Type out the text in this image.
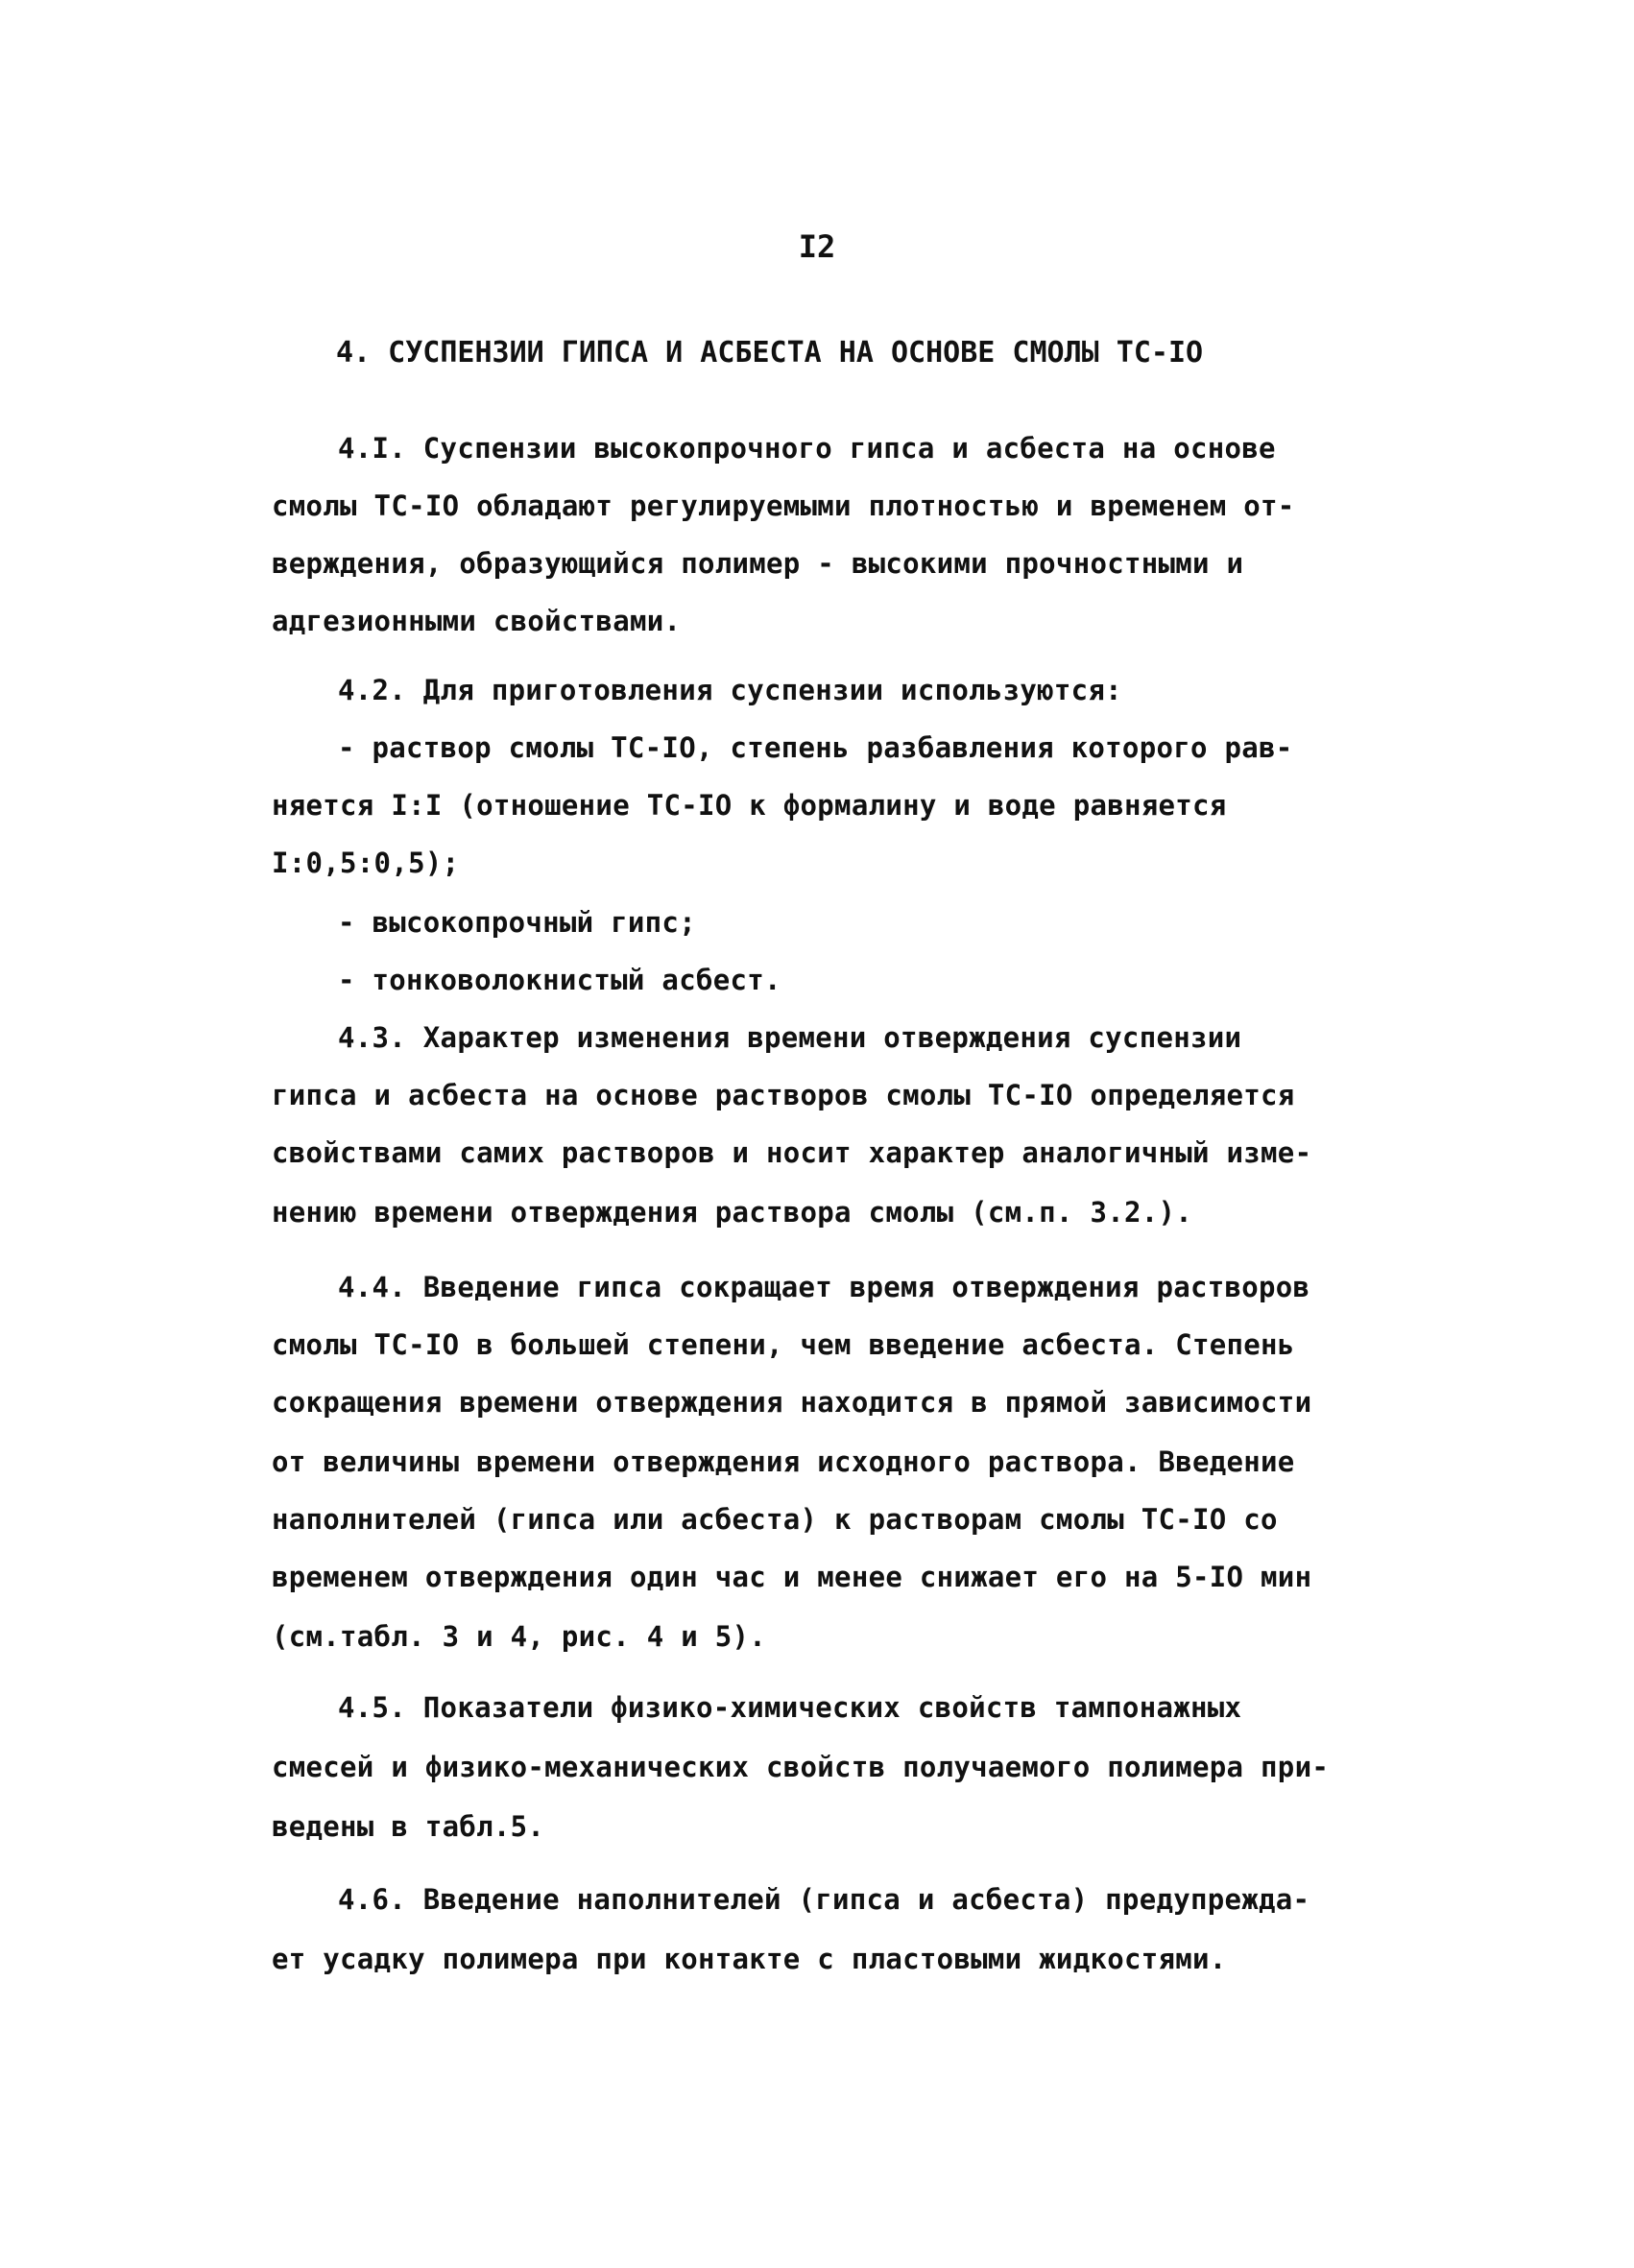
I2
4. СУСПЕНЗИИ ГИПСА И АСБЕСТА НА ОСНОВЕ СМОЛЫ ТС-IO
4.I. Суспензии высокопрочного гипса и асбеста на основе
смолы ТС-IO обладают регулируемыми плотностью и временем от-
верждения, образующийся полимер - высокими прочностными и
адгезионными свойствами.
4.2. Для приготовления суспензии используются:
- раствор смолы ТС-IO, степень разбавления которого рав-
няется I:I (отношение ТС-IO к формалину и воде равняется
I:0,5:0,5);
- высокопрочный гипс;
- тонковолокнистый асбест.
4.3. Характер изменения времени отверждения суспензии
гипса и асбеста на основе растворов смолы ТС-IO определяется
свойствами самих растворов и носит характер аналогичный изме-
нению времени отверждения раствора смолы (см.п. 3.2.).
4.4. Введение гипса сокращает время отверждения растворов
смолы ТС-IO в большей степени, чем введение асбеста. Степень
сокращения времени отверждения находится в прямой зависимости
от величины времени отверждения исходного раствора. Введение
наполнителей (гипса или асбеста) к растворам смолы ТС-IO со
временем отверждения один час и менее снижает его на 5-IO мин
(см.табл. 3 и 4, рис. 4 и 5).
4.5. Показатели физико-химических свойств тампонажных
смесей и физико-механических свойств получаемого полимера при-
ведены в табл.5.
4.6. Введение наполнителей (гипса и асбеста) предупрежда-
ет усадку полимера при контакте с пластовыми жидкостями.
